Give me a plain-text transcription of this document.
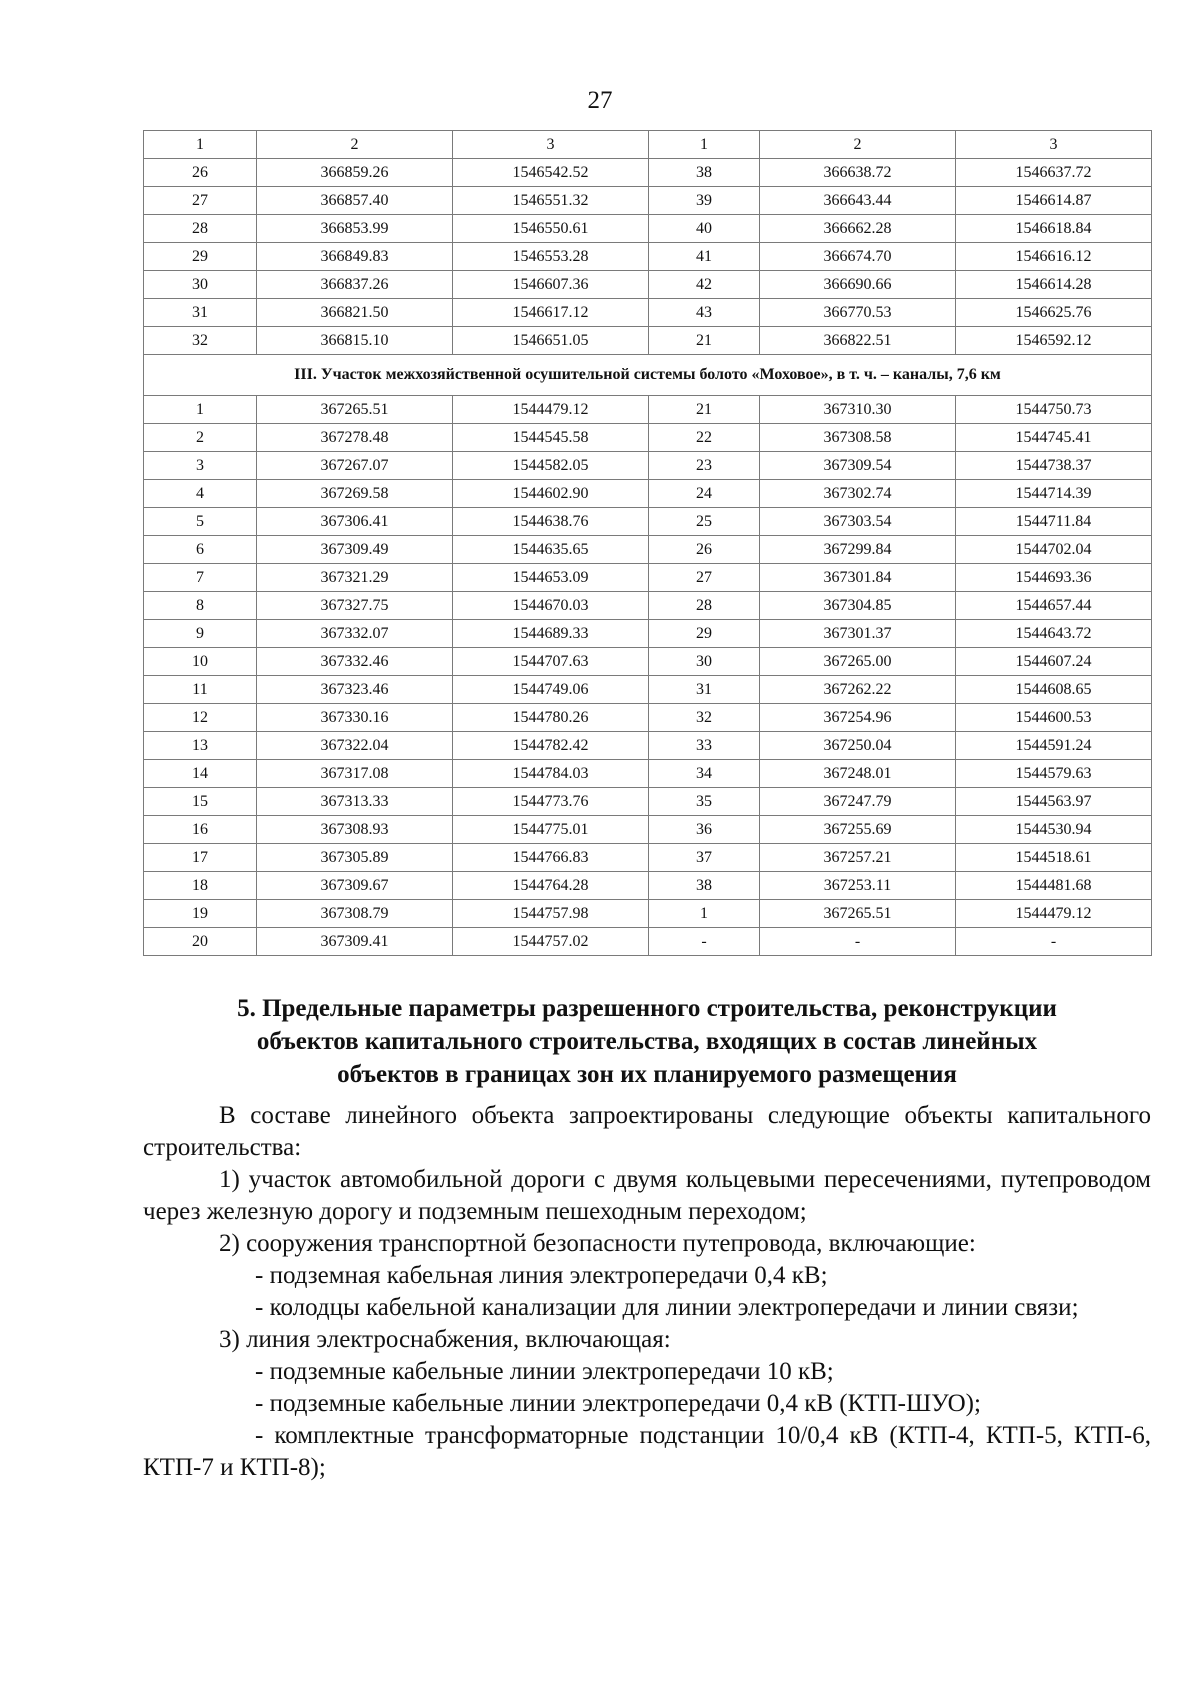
27
1	2	3	1	2	3
26	366859.26	1546542.52	38	366638.72	1546637.72
27	366857.40	1546551.32	39	366643.44	1546614.87
28	366853.99	1546550.61	40	366662.28	1546618.84
29	366849.83	1546553.28	41	366674.70	1546616.12
30	366837.26	1546607.36	42	366690.66	1546614.28
31	366821.50	1546617.12	43	366770.53	1546625.76
32	366815.10	1546651.05	21	366822.51	1546592.12
III. Участок межхозяйственной осушительной системы болото «Моховое», в т. ч. – каналы, 7,6 км					
1	367265.51	1544479.12	21	367310.30	1544750.73
2	367278.48	1544545.58	22	367308.58	1544745.41
3	367267.07	1544582.05	23	367309.54	1544738.37
4	367269.58	1544602.90	24	367302.74	1544714.39
5	367306.41	1544638.76	25	367303.54	1544711.84
6	367309.49	1544635.65	26	367299.84	1544702.04
7	367321.29	1544653.09	27	367301.84	1544693.36
8	367327.75	1544670.03	28	367304.85	1544657.44
9	367332.07	1544689.33	29	367301.37	1544643.72
10	367332.46	1544707.63	30	367265.00	1544607.24
11	367323.46	1544749.06	31	367262.22	1544608.65
12	367330.16	1544780.26	32	367254.96	1544600.53
13	367322.04	1544782.42	33	367250.04	1544591.24
14	367317.08	1544784.03	34	367248.01	1544579.63
15	367313.33	1544773.76	35	367247.79	1544563.97
16	367308.93	1544775.01	36	367255.69	1544530.94
17	367305.89	1544766.83	37	367257.21	1544518.61
18	367309.67	1544764.28	38	367253.11	1544481.68
19	367308.79	1544757.98	1	367265.51	1544479.12
20	367309.41	1544757.02	-	-	-
5. Предельные параметры разрешенного строительства, реконструкции
объектов капитального строительства, входящих в состав линейных
объектов в границах зон их планируемого размещения

В составе линейного объекта запроектированы следующие объекты капитального строительства:

1) участок автомобильной дороги с двумя кольцевыми пересечениями, путепроводом через железную дорогу и подземным пешеходным переходом;

2) сооружения транспортной безопасности путепровода, включающие:

- подземная кабельная линия электропередачи 0,4 кВ;

- колодцы кабельной канализации для линии электропередачи и линии связи;

3) линия электроснабжения, включающая:

- подземные кабельные линии электропередачи 10 кВ;

- подземные кабельные линии электропередачи 0,4 кВ (КТП-ШУО);

- комплектные трансформаторные подстанции 10/0,4 кВ (КТП-4, КТП-5, КТП-6, КТП-7 и КТП-8);
